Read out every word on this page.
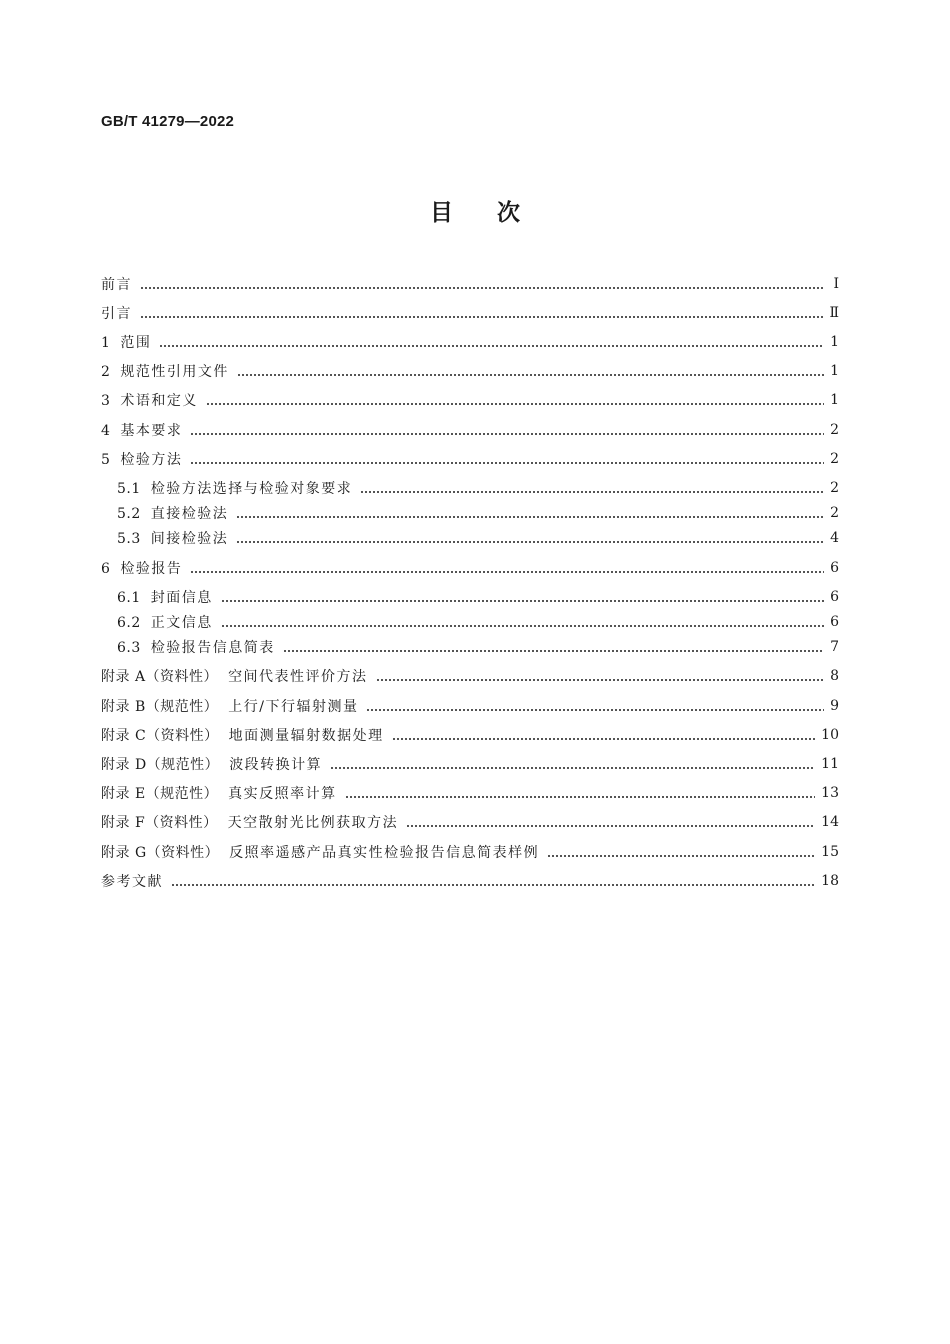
GB/T 41279—2022
目次
前言	Ⅰ
引言	Ⅱ
1 范围	1
2 规范性引用文件	1
3 术语和定义	1
4 基本要求	2
5 检验方法	2
5.1 检验方法选择与检验对象要求	2
5.2 直接检验法	2
5.3 间接检验法	4
6 检验报告	6
6.1 封面信息	6
6.2 正文信息	6
6.3 检验报告信息简表	7
附录 A（资料性） 空间代表性评价方法	8
附录 B（规范性） 上行/下行辐射测量	9
附录 C（资料性） 地面测量辐射数据处理	10
附录 D（规范性） 波段转换计算	11
附录 E（规范性） 真实反照率计算	13
附录 F（资料性） 天空散射光比例获取方法	14
附录 G（资料性） 反照率遥感产品真实性检验报告信息简表样例	15
参考文献	18
